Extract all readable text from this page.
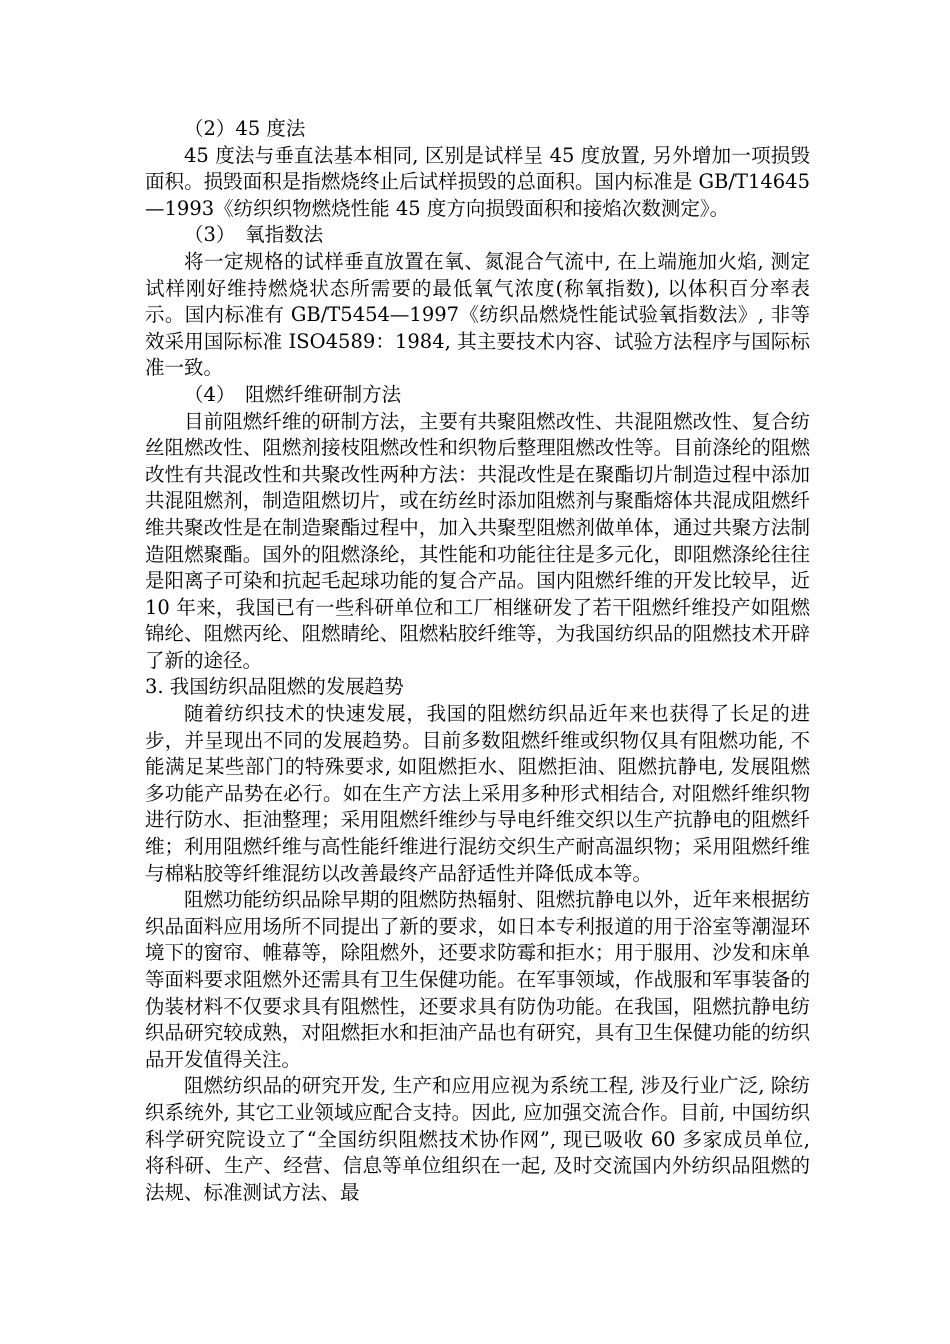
（2）45 度法

45 度法与垂直法基本相同, 区别是试样呈 45 度放置, 另外增加一项损毁面积。损毁面积是指燃烧终止后试样损毁的总面积。国内标准是 GB/T14645—1993《纺织织物燃烧性能 45 度方向损毁面积和接焰次数测定》。

（3）　氧指数法

将一定规格的试样垂直放置在氧、氮混合气流中, 在上端施加火焰, 测定试样刚好维持燃烧状态所需要的最低氧气浓度(称氧指数), 以体积百分率表示。国内标准有 GB/T5454—1997《纺织品燃烧性能试验氧指数法》, 非等效采用国际标准 ISO4589：1984, 其主要技术内容、试验方法程序与国际标准一致。

（4）　阻燃纤维研制方法

目前阻燃纤维的研制方法，主要有共聚阻燃改性、共混阻燃改性、复合纺丝阻燃改性、阻燃剂接枝阻燃改性和织物后整理阻燃改性等。目前涤纶的阻燃改性有共混改性和共聚改性两种方法：共混改性是在聚酯切片制造过程中添加共混阻燃剂，制造阻燃切片，或在纺丝时添加阻燃剂与聚酯熔体共混成阻燃纤维共聚改性是在制造聚酯过程中，加入共聚型阻燃剂做单体，通过共聚方法制造阻燃聚酯。国外的阻燃涤纶，其性能和功能往往是多元化，即阻燃涤纶往往是阳离子可染和抗起毛起球功能的复合产品。国内阻燃纤维的开发比较早，近 10 年来，我国已有一些科研单位和工厂相继研发了若干阻燃纤维投产如阻燃锦纶、阻燃丙纶、阻燃睛纶、阻燃粘胶纤维等，为我国纺织品的阻燃技术开辟了新的途径。

3. 我国纺织品阻燃的发展趋势

随着纺织技术的快速发展，我国的阻燃纺织品近年来也获得了长足的进步，并呈现出不同的发展趋势。目前多数阻燃纤维或织物仅具有阻燃功能, 不能满足某些部门的特殊要求, 如阻燃拒水、阻燃拒油、阻燃抗静电, 发展阻燃多功能产品势在必行。如在生产方法上采用多种形式相结合, 对阻燃纤维织物进行防水、拒油整理；采用阻燃纤维纱与导电纤维交织以生产抗静电的阻燃纤维；利用阻燃纤维与高性能纤维进行混纺交织生产耐高温织物；采用阻燃纤维与棉粘胶等纤维混纺以改善最终产品舒适性并降低成本等。

阻燃功能纺织品除早期的阻燃防热辐射、阻燃抗静电以外，近年来根据纺织品面料应用场所不同提出了新的要求，如日本专利报道的用于浴室等潮湿环境下的窗帘、帷幕等，除阻燃外，还要求防霉和拒水；用于服用、沙发和床单等面料要求阻燃外还需具有卫生保健功能。在军事领域，作战服和军事装备的伪装材料不仅要求具有阻燃性，还要求具有防伪功能。在我国，阻燃抗静电纺织品研究较成熟，对阻燃拒水和拒油产品也有研究，具有卫生保健功能的纺织品开发值得关注。

阻燃纺织品的研究开发, 生产和应用应视为系统工程, 涉及行业广泛, 除纺织系统外, 其它工业领域应配合支持。因此, 应加强交流合作。目前, 中国纺织科学研究院设立了“全国纺织阻燃技术协作网”, 现已吸收 60 多家成员单位, 将科研、生产、经营、信息等单位组织在一起, 及时交流国内外纺织品阻燃的法规、标准测试方法、最
